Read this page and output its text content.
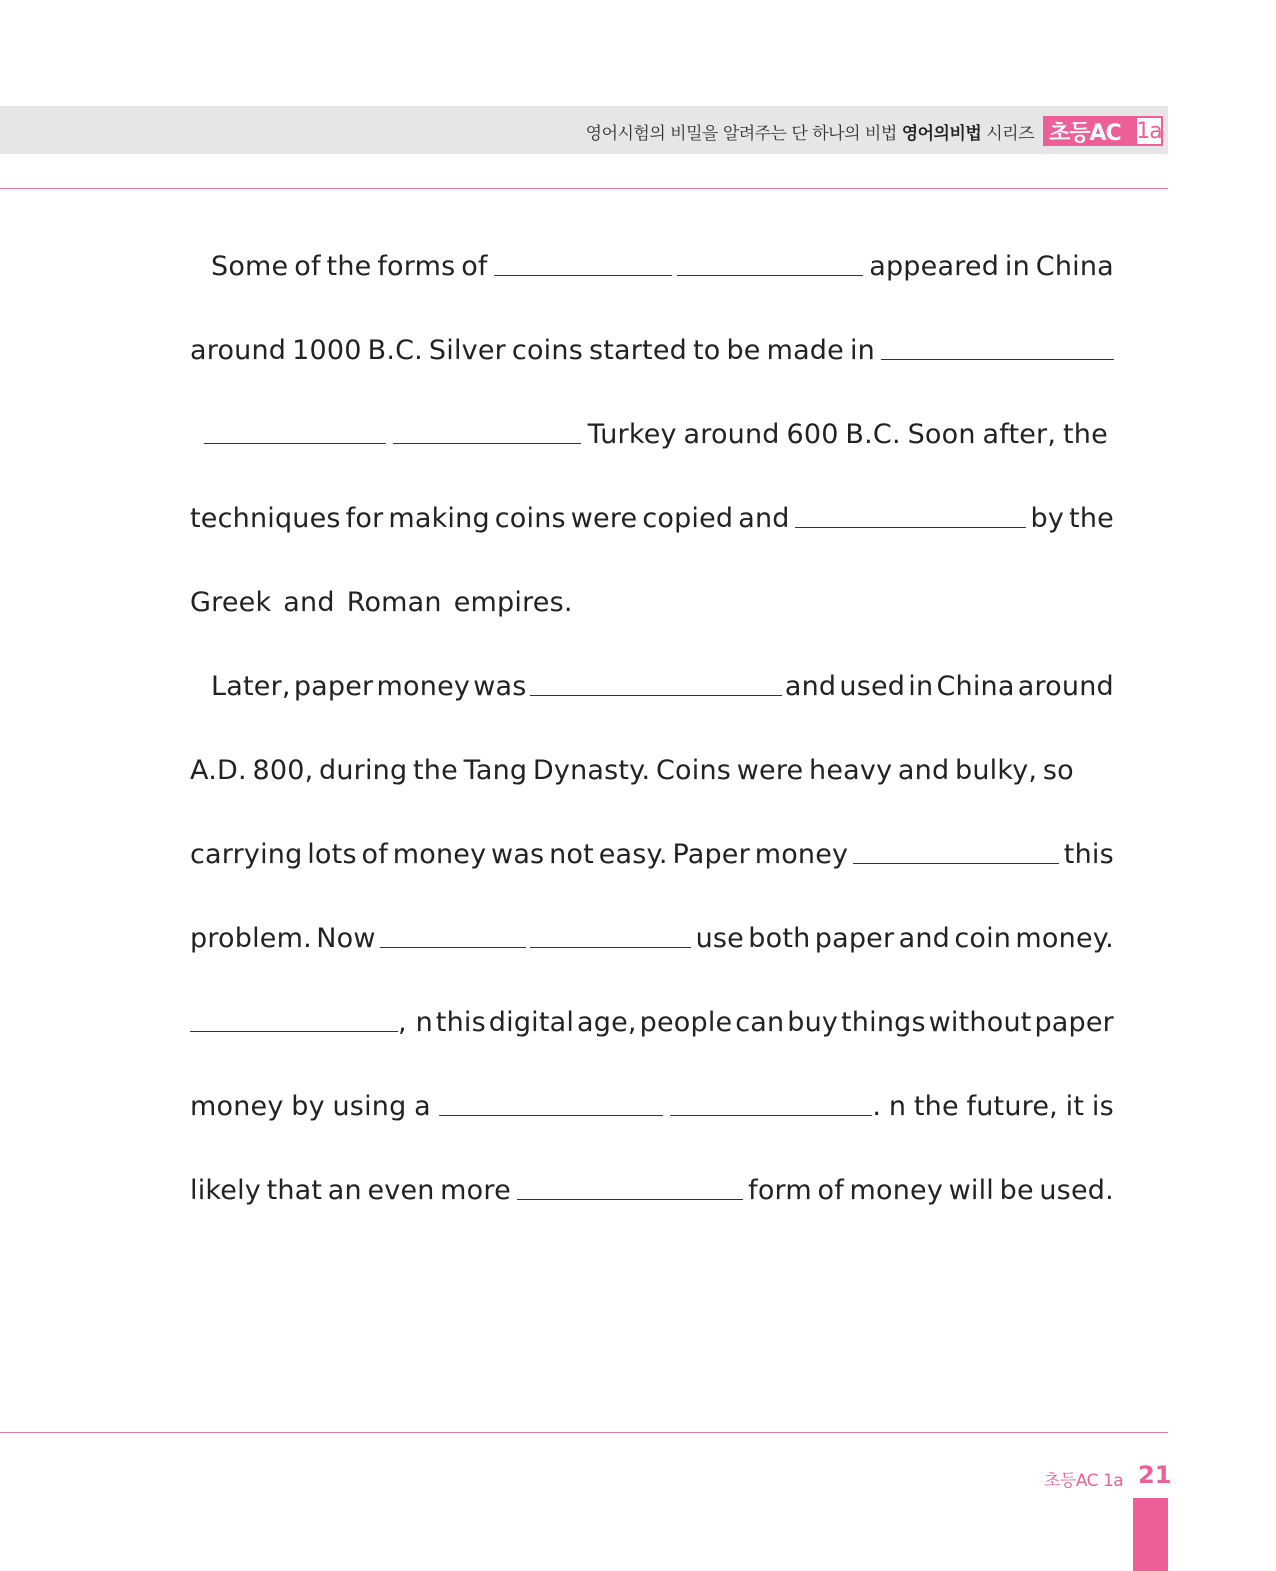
영어시험의 비밀을 알려주는 단 하나의 비법 영어의비법 시리즈 초등AC 1a
Some of the forms of	appeared in China
around 1000 B.C. Silver coins started to be made in
Turkey around 600 B.C. Soon after, the
techniques for making coins were copied and	by the
Greek and Roman empires.
Later, paper money was	and used in China around
A.D. 800, during the Tang Dynasty. Coins were heavy and bulky, so
carrying lots of money was not easy. Paper money	this
problem. Now	use both paper and coin money.
, n this digital age, people can buy things without paper
money by using a	. n the future, it is
likely that an even more	form of money will be used.
초등AC 1a 21
